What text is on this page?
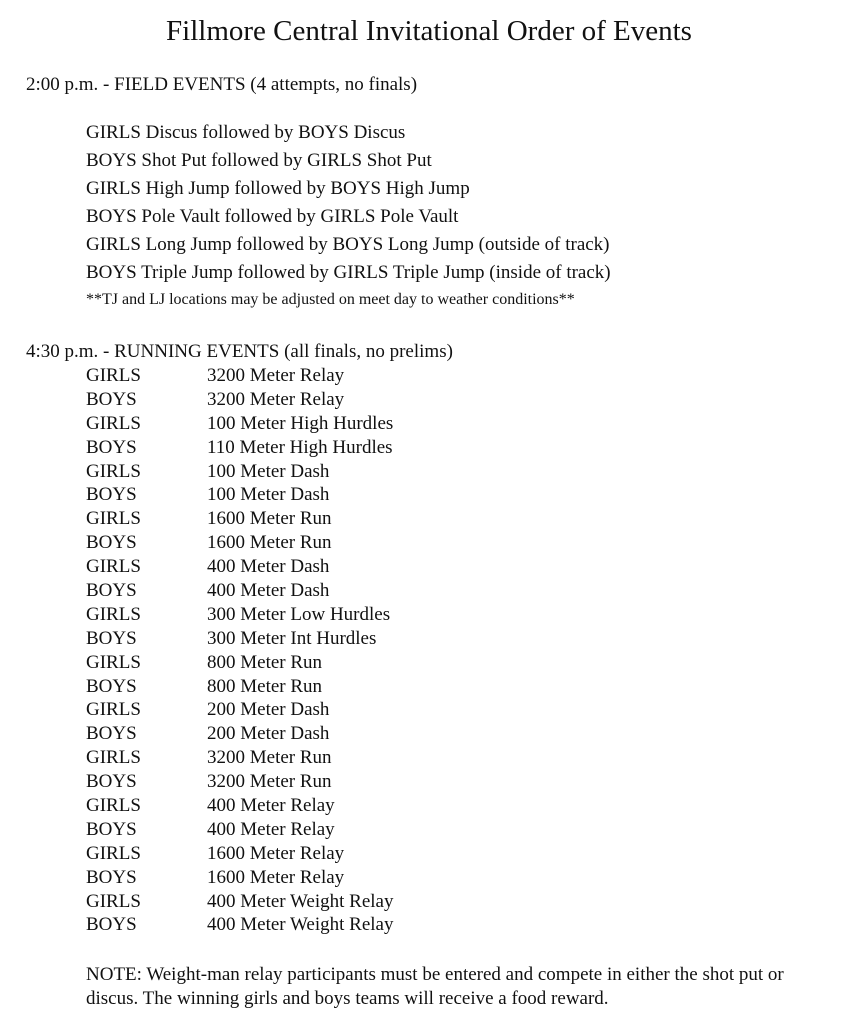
Fillmore Central Invitational Order of Events
2:00 p.m. - FIELD EVENTS (4 attempts, no finals)
GIRLS Discus followed by BOYS Discus
BOYS Shot Put followed by GIRLS Shot Put
GIRLS High Jump followed by BOYS High Jump
BOYS Pole Vault followed by GIRLS Pole Vault
GIRLS Long Jump followed by BOYS Long Jump (outside of track)
BOYS Triple Jump followed by GIRLS Triple Jump (inside of track)
**TJ and LJ locations may be adjusted on meet day to weather conditions**
4:30 p.m. - RUNNING EVENTS (all finals, no prelims)
GIRLS	3200 Meter Relay
BOYS	3200 Meter Relay
GIRLS	100 Meter High Hurdles
BOYS	110 Meter High Hurdles
GIRLS	100 Meter Dash
BOYS	100 Meter Dash
GIRLS	1600 Meter Run
BOYS	1600 Meter Run
GIRLS	400 Meter Dash
BOYS	400 Meter Dash
GIRLS	300 Meter Low Hurdles
BOYS	300 Meter Int Hurdles
GIRLS	800 Meter Run
BOYS	800 Meter Run
GIRLS	200 Meter Dash
BOYS	200 Meter Dash
GIRLS	3200 Meter Run
BOYS	3200 Meter Run
GIRLS	400 Meter Relay
BOYS	400 Meter Relay
GIRLS	1600 Meter Relay
BOYS	1600 Meter Relay
GIRLS	400 Meter Weight Relay
BOYS	400 Meter Weight Relay
NOTE: Weight-man relay participants must be entered and compete in either the shot put or discus. The winning girls and boys teams will receive a food reward.
